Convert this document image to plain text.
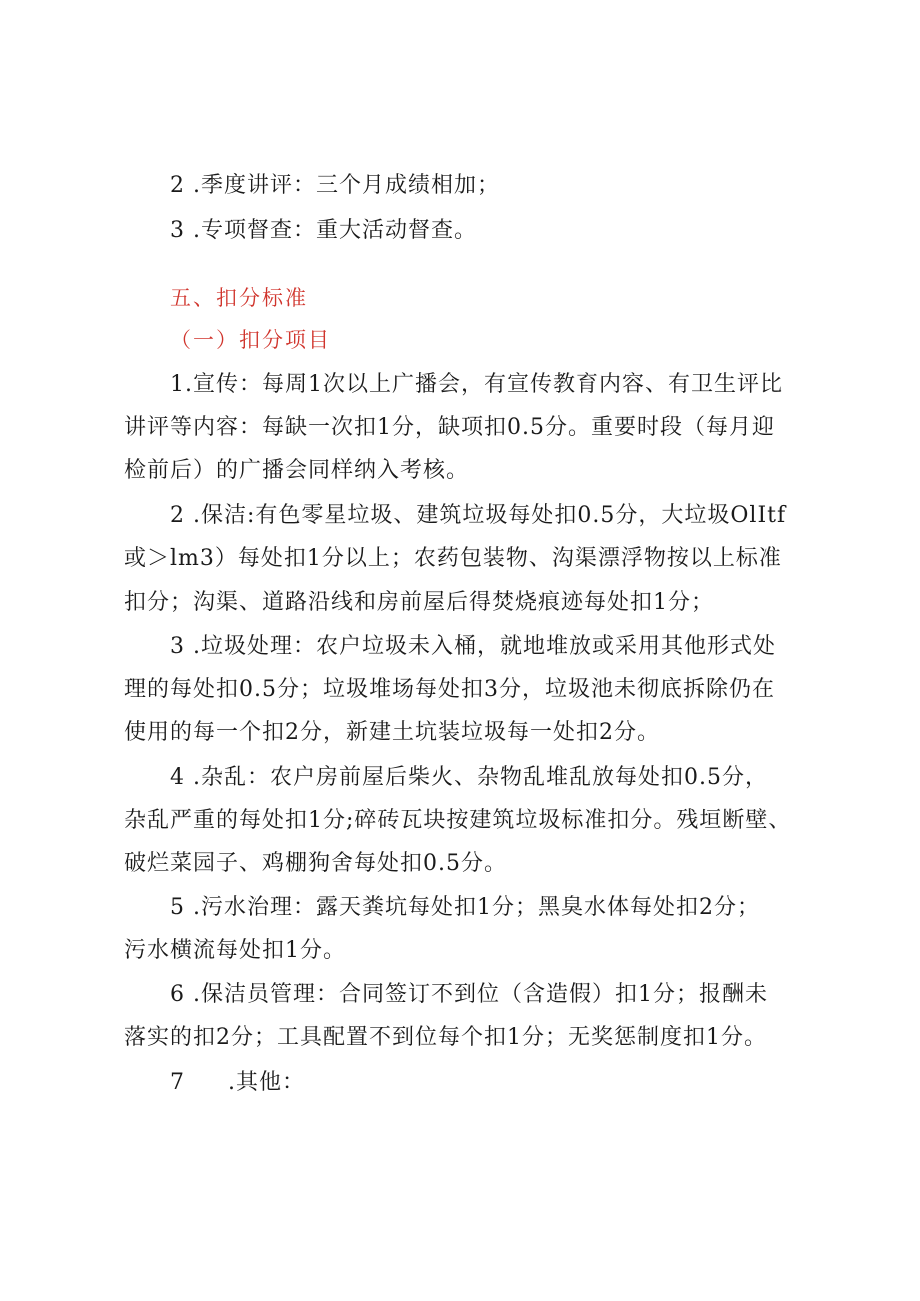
2 .季度讲评：三个月成绩相加；
3 .专项督查：重大活动督查。
五、扣分标准
（一）扣分项目
1.宣传：每周1次以上广播会，有宣传教育内容、有卫生评比
讲评等内容：每缺一次扣1分，缺项扣0.5分。重要时段（每月迎
检前后）的广播会同样纳入考核。
2 .保洁:有色零星垃圾、建筑垃圾每处扣0.5分，大垃圾OlItf
或＞lm3）每处扣1分以上；农药包装物、沟渠漂浮物按以上标准
扣分；沟渠、道路沿线和房前屋后得焚烧痕迹每处扣1分；
3 .垃圾处理：农户垃圾未入桶，就地堆放或采用其他形式处
理的每处扣0.5分；垃圾堆场每处扣3分，垃圾池未彻底拆除仍在
使用的每一个扣2分，新建土坑装垃圾每一处扣2分。
4 .杂乱：农户房前屋后柴火、杂物乱堆乱放每处扣0.5分，
杂乱严重的每处扣1分;碎砖瓦块按建筑垃圾标准扣分。残垣断壁、
破烂菜园子、鸡棚狗舍每处扣0.5分。
5 .污水治理：露天粪坑每处扣1分；黑臭水体每处扣2分；
污水横流每处扣1分。
6 .保洁员管理：合同签订不到位（含造假）扣1分；报酬未
落实的扣2分；工具配置不到位每个扣1分；无奖惩制度扣1分。
7	.其他：
